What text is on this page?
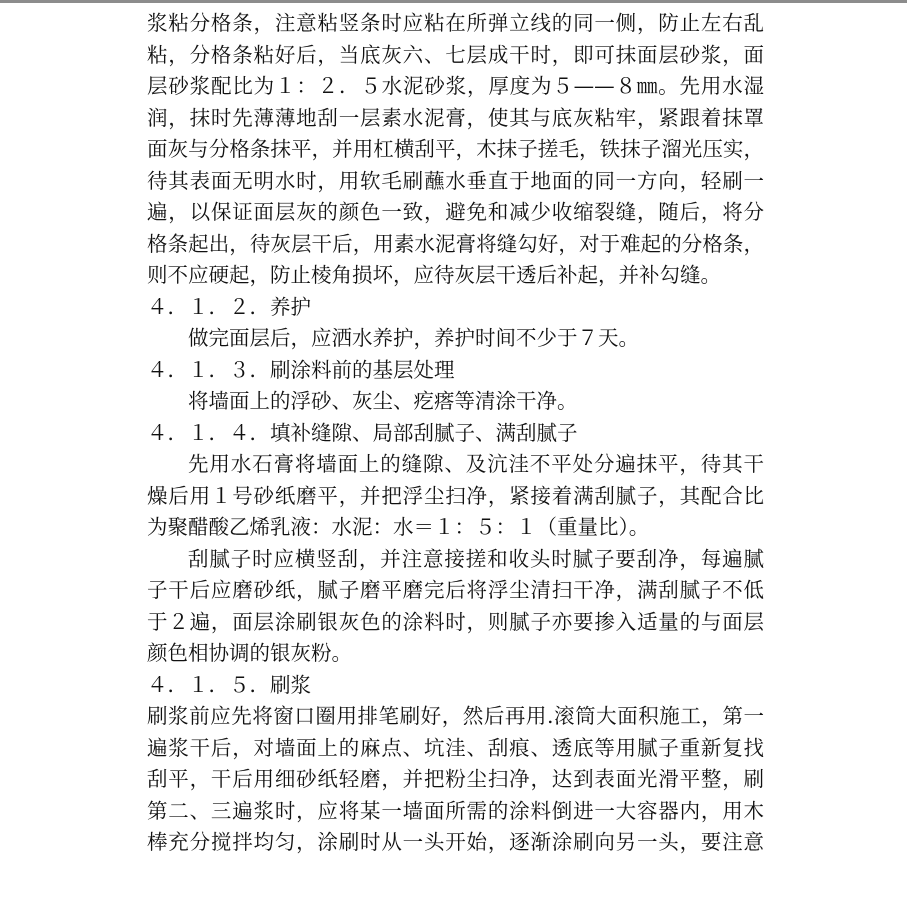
浆粘分格条，注意粘竖条时应粘在所弹立线的同一侧，防止左右乱
粘，分格条粘好后，当底灰六、七层成干时，即可抹面层砂浆，面
层砂浆配比为１：２．５水泥砂浆，厚度为５——８㎜。先用水湿
润，抹时先薄薄地刮一层素水泥膏，使其与底灰粘牢，紧跟着抹罩
面灰与分格条抹平，并用杠横刮平，木抹子搓毛，铁抹子溜光压实，
待其表面无明水时，用软毛刷蘸水垂直于地面的同一方向，轻刷一
遍，以保证面层灰的颜色一致，避免和减少收缩裂缝，随后，将分
格条起出，待灰层干后，用素水泥膏将缝勾好，对于难起的分格条，
则不应硬起，防止棱角损坏，应待灰层干透后补起，并补勾缝。
４．１．２．养护
做完面层后，应洒水养护，养护时间不少于７天。
４．１．３．刷涂料前的基层处理
将墙面上的浮砂、灰尘、疙瘩等清涂干净。
４．１．４．填补缝隙、局部刮腻子、满刮腻子
先用水石膏将墙面上的缝隙、及沆洼不平处分遍抹平，待其干
燥后用１号砂纸磨平，并把浮尘扫净，紧接着满刮腻子，其配合比
为聚醋酸乙烯乳液：水泥：水＝１：５：１（重量比）。
刮腻子时应横竖刮，并注意接搓和收头时腻子要刮净，每遍腻
子干后应磨砂纸，腻子磨平磨完后将浮尘清扫干净，满刮腻子不低
于２遍，面层涂刷银灰色的涂料时，则腻子亦要掺入适量的与面层
颜色相协调的银灰粉。
４．１．５．刷浆
刷浆前应先将窗口圈用排笔刷好，然后再用.滚筒大面积施工，第一
遍浆干后，对墙面上的麻点、坑洼、刮痕、透底等用腻子重新复找
刮平，干后用细砂纸轻磨，并把粉尘扫净，达到表面光滑平整，刷
第二、三遍浆时，应将某一墙面所需的涂料倒进一大容器内，用木
棒充分搅拌均匀，涂刷时从一头开始，逐渐涂刷向另一头，要注意
